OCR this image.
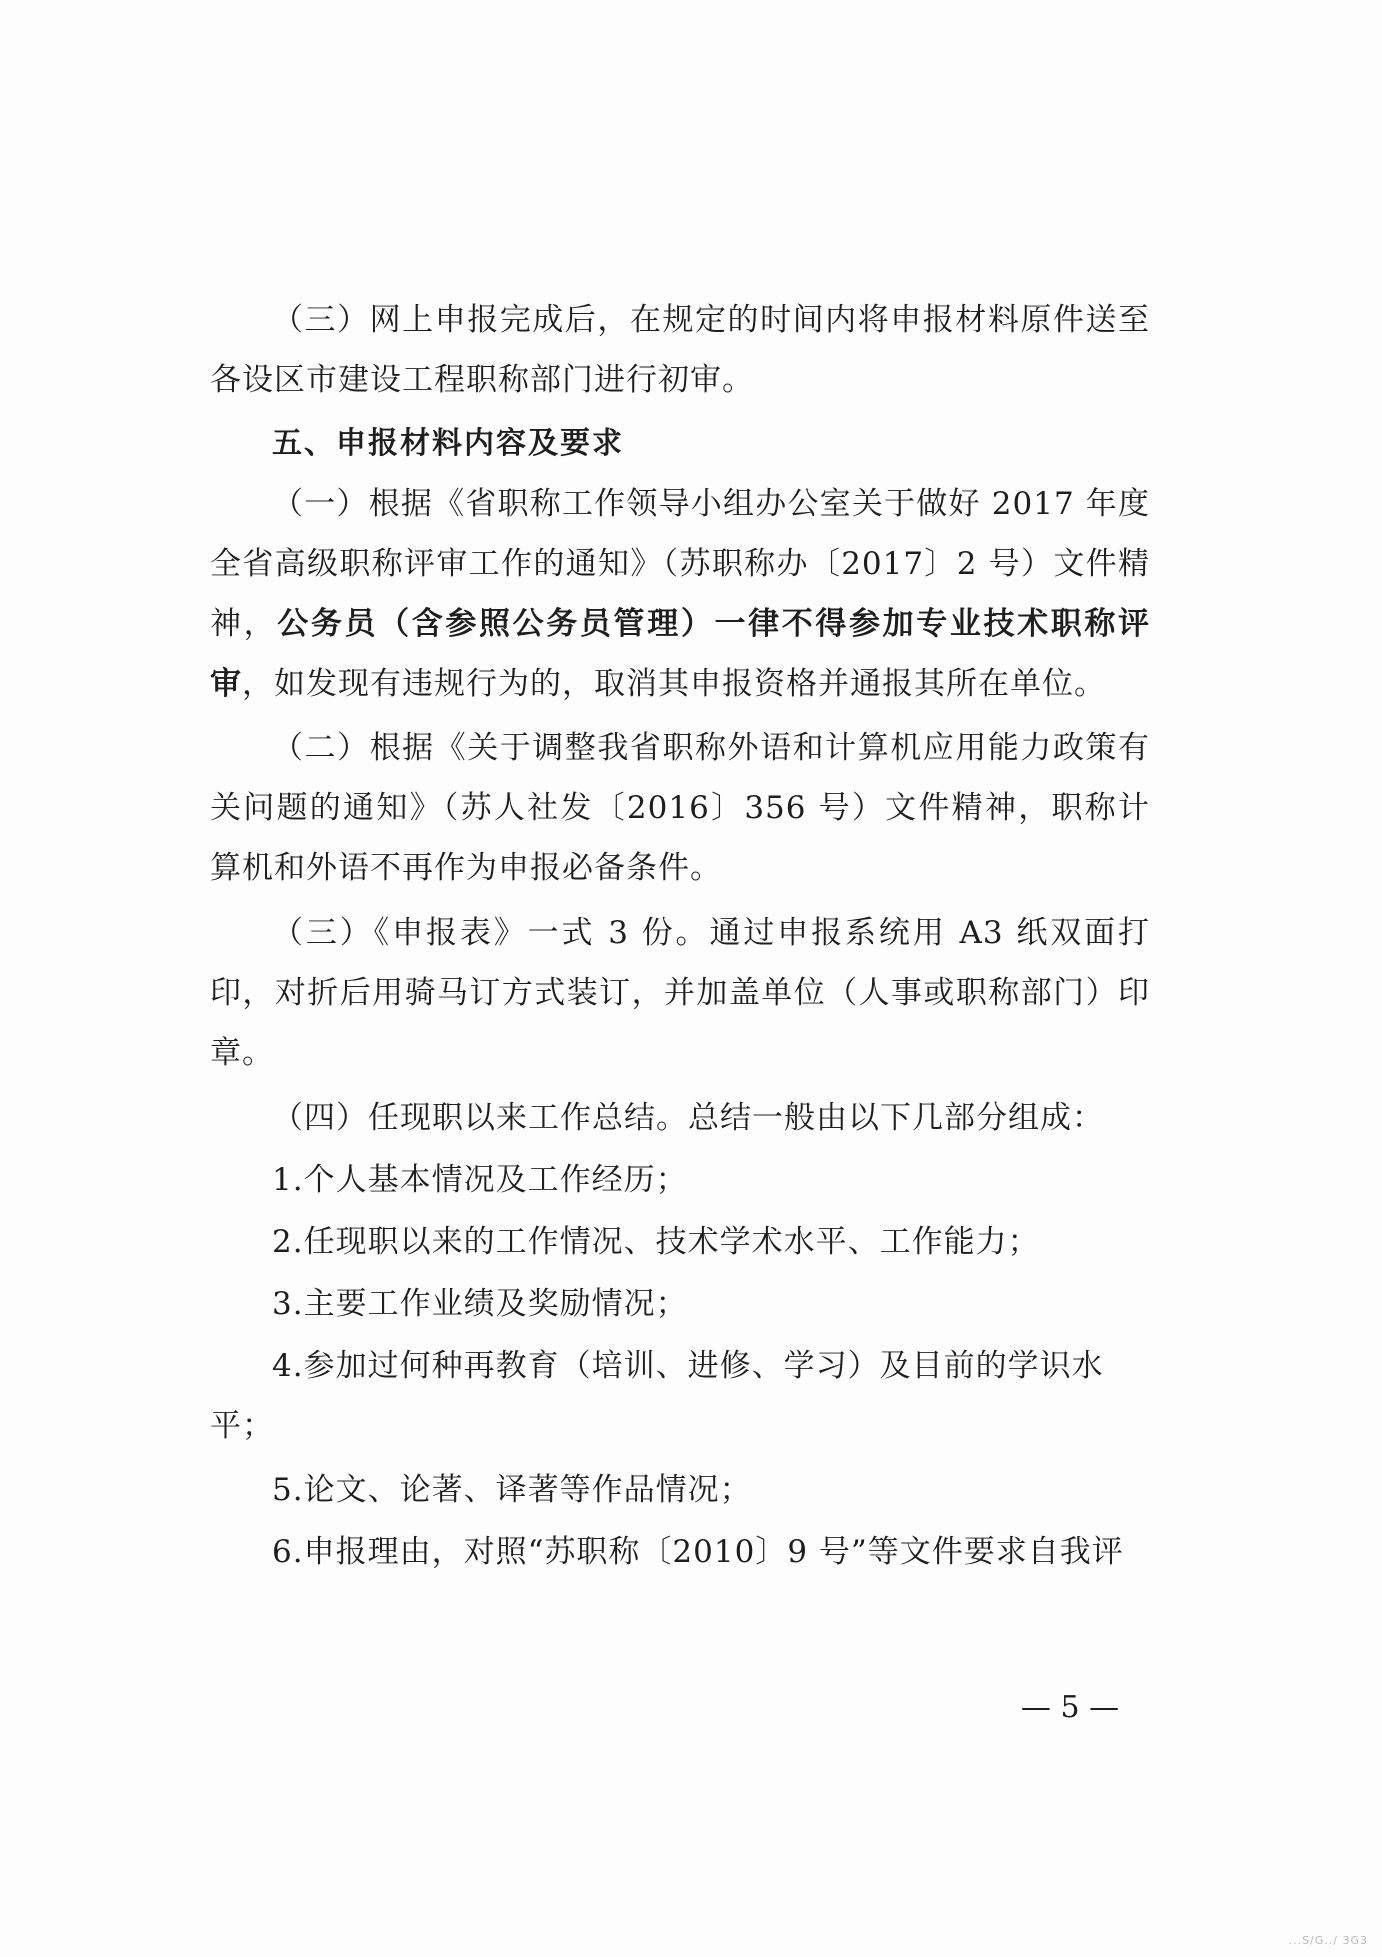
（三）网上申报完成后，在规定的时间内将申报材料原件送至各设区市建设工程职称部门进行初审。

五、申报材料内容及要求

（一）根据《省职称工作领导小组办公室关于做好 2017 年度全省高级职称评审工作的通知》（苏职称办〔2017〕2 号）文件精神，公务员（含参照公务员管理）一律不得参加专业技术职称评审，如发现有违规行为的，取消其申报资格并通报其所在单位。

（二）根据《关于调整我省职称外语和计算机应用能力政策有关问题的通知》（苏人社发〔2016〕356 号）文件精神，职称计算机和外语不再作为申报必备条件。

（三）《申报表》一式 3 份。通过申报系统用 A3 纸双面打印，对折后用骑马订方式装订，并加盖单位（人事或职称部门）印章。

（四）任现职以来工作总结。总结一般由以下几部分组成：

1.个人基本情况及工作经历；

2.任现职以来的工作情况、技术学术水平、工作能力；

3.主要工作业绩及奖励情况；

4.参加过何种再教育（培训、进修、学习）及目前的学识水平；

5.论文、论著、译著等作品情况；

6.申报理由，对照“苏职称〔2010〕9 号”等文件要求自我评

— 5 —
...S/G../ 3G3
